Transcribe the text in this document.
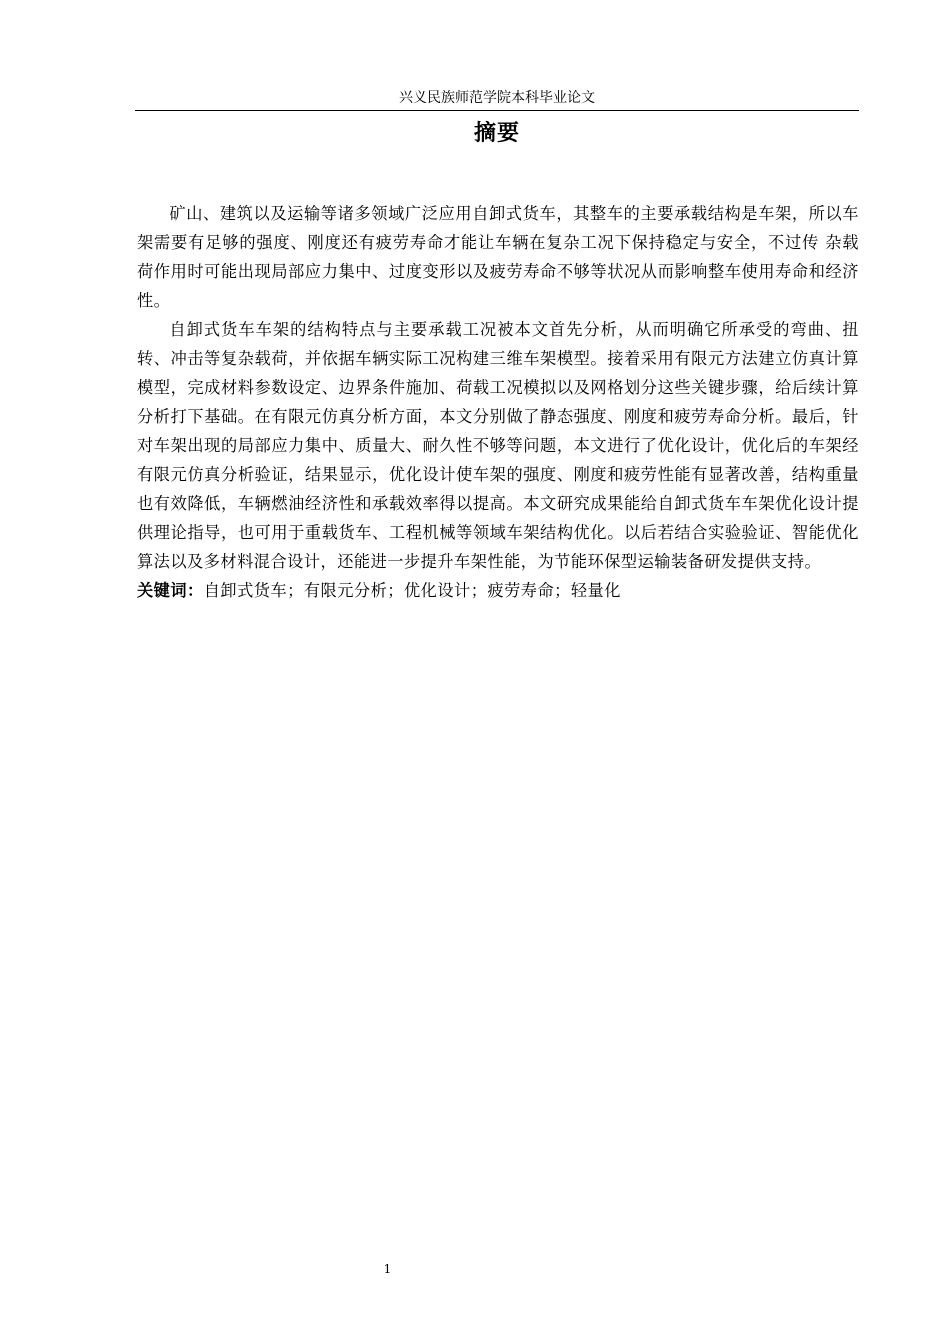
兴义民族师范学院本科毕业论文
摘要

矿山、建筑以及运输等诸多领域广泛应用自卸式货车，其整车的主要承载结构是车架，所以车架需要有足够的强度、刚度还有疲劳寿命才能让车辆在复杂工况下保持稳定与安全，不过传 杂载荷作用时可能出现局部应力集中、过度变形以及疲劳寿命不够等状况从而影响整车使用寿命和经济性。

自卸式货车车架的结构特点与主要承载工况被本文首先分析，从而明确它所承受的弯曲、扭转、冲击等复杂载荷，并依据车辆实际工况构建三维车架模型。接着采用有限元方法建立仿真计算模型，完成材料参数设定、边界条件施加、荷载工况模拟以及网格划分这些关键步骤，给后续计算分析打下基础。在有限元仿真分析方面，本文分别做了静态强度、刚度和疲劳寿命分析。最后，针对车架出现的局部应力集中、质量大、耐久性不够等问题，本文进行了优化设计，优化后的车架经有限元仿真分析验证，结果显示，优化设计使车架的强度、刚度和疲劳性能有显著改善，结构重量也有效降低，车辆燃油经济性和承载效率得以提高。本文研究成果能给自卸式货车车架优化设计提供理论指导，也可用于重载货车、工程机械等领域车架结构优化。以后若结合实验验证、智能优化算法以及多材料混合设计，还能进一步提升车架性能，为节能环保型运输装备研发提供支持。

关键词：自卸式货车；有限元分析；优化设计；疲劳寿命；轻量化

1
